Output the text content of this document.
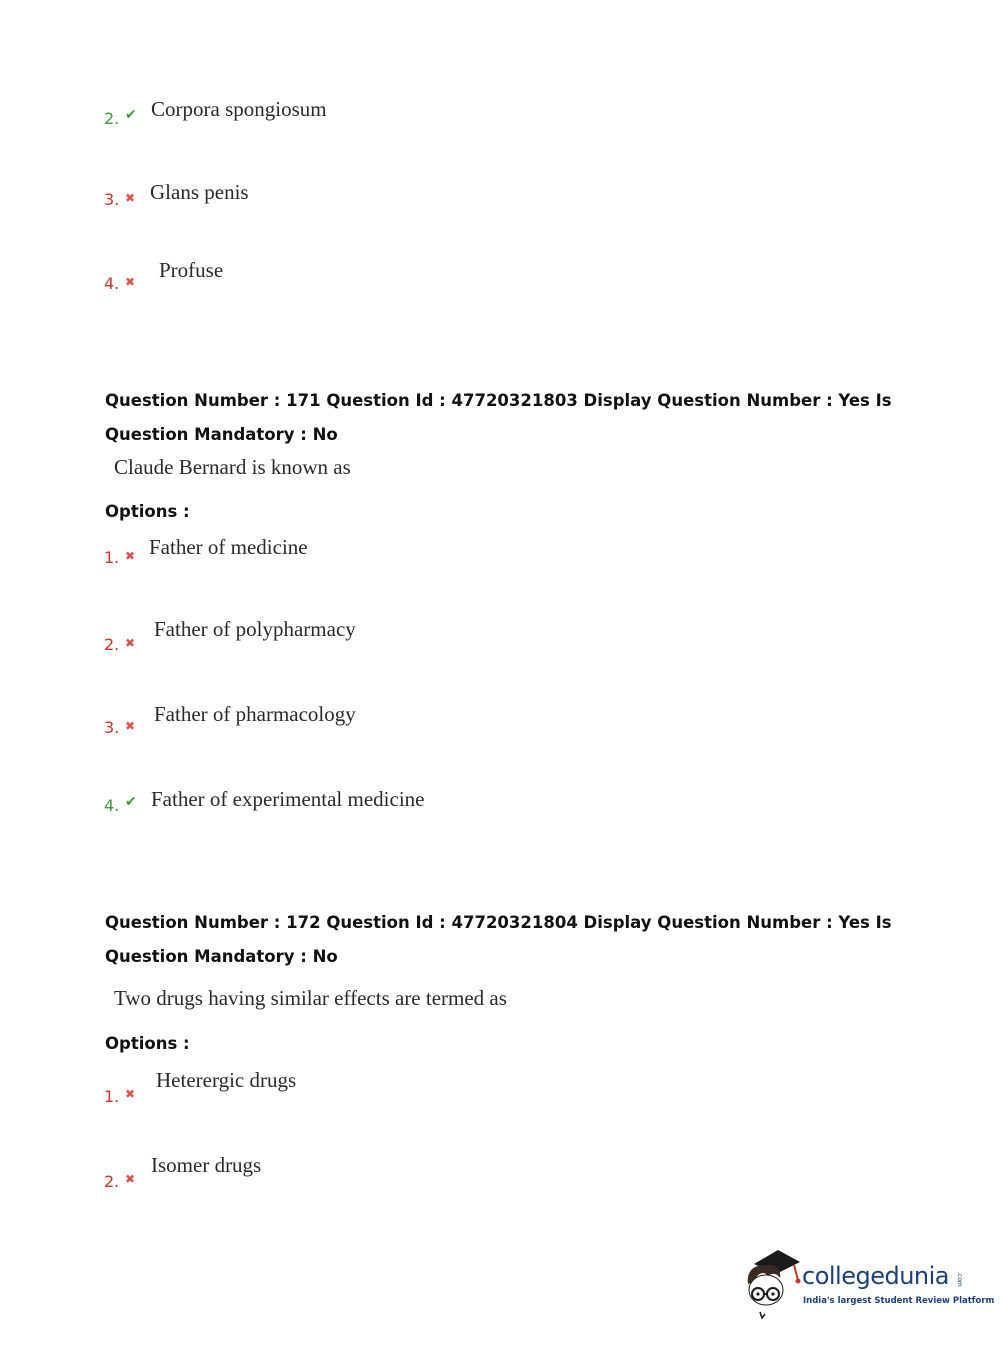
2. ✔ Corpora spongiosum
3. ✖ Glans penis
4. ✖ Profuse
Question Number : 171 Question Id : 47720321803 Display Question Number : Yes Is Question Mandatory : No
Claude Bernard is known as
Options :
1. ✖ Father of medicine
2. ✖
Father of polypharmacy
3. ✖ Father of pharmacology
4. ✔ Father of experimental medicine
Question Number : 172 Question Id : 47720321804 Display Question Number : Yes Is Question Mandatory : No
Two drugs having similar effects are termed as
Options :
1. ✖
Heterergic drugs
2. ✖
Isomer drugs
collegedunia .com
India's largest Student Review Platform
